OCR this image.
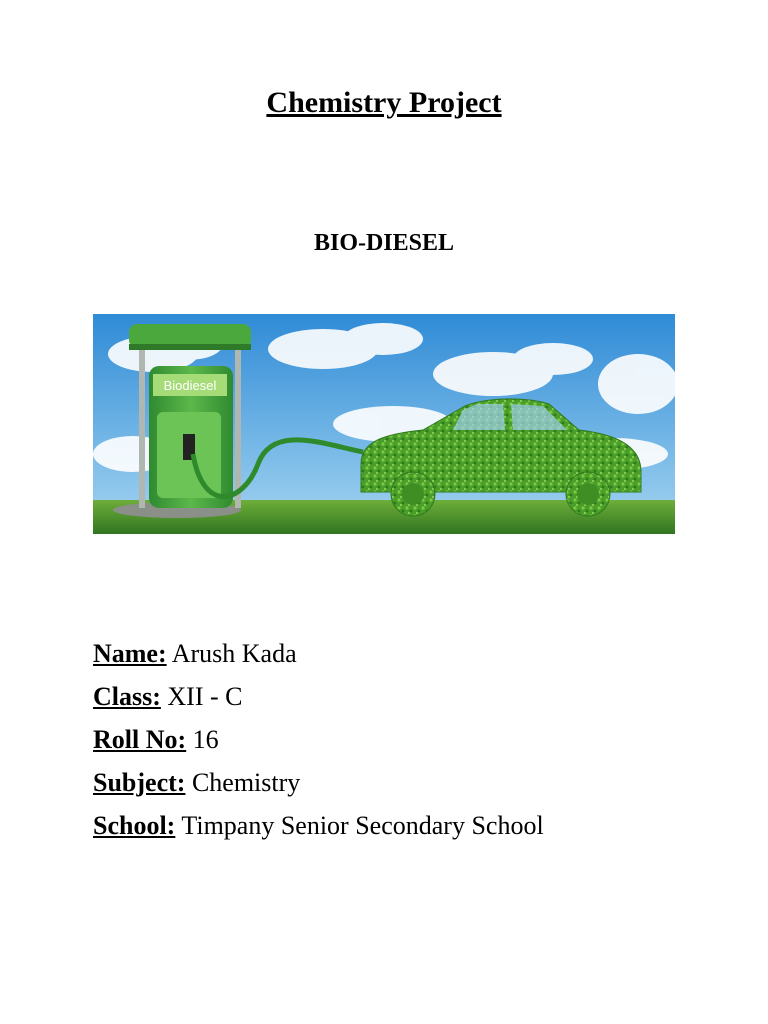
Chemistry Project
BIO-DIESEL
Biodiesel
Name: Arush Kada
Class: XII - C
Roll No: 16
Subject: Chemistry
School: Timpany Senior Secondary School
